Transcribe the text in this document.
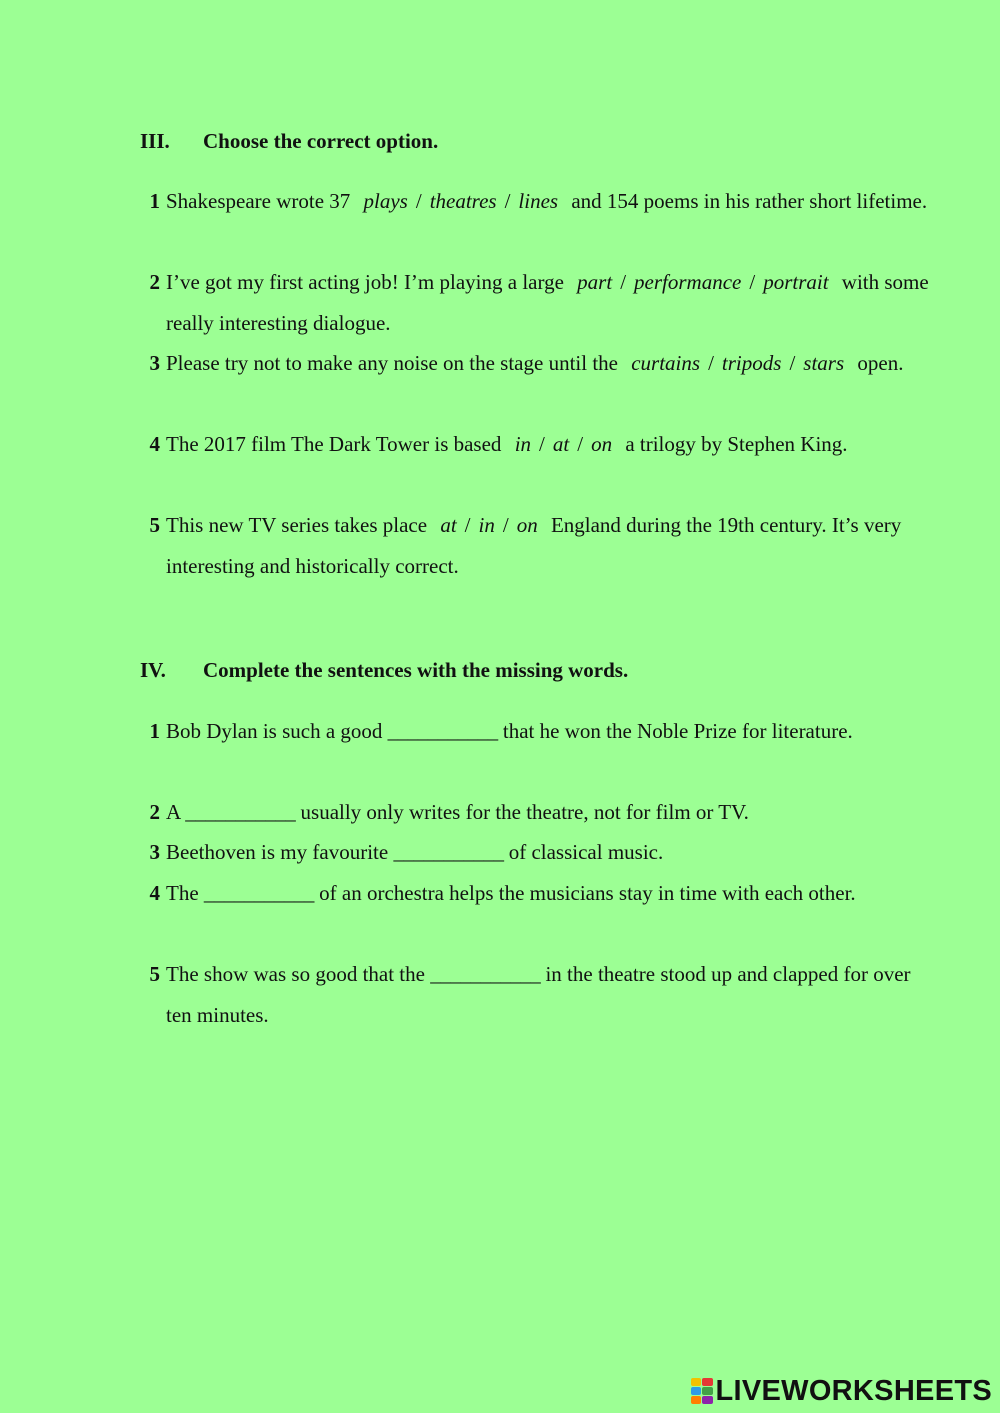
III. Choose the correct option.
1 Shakespeare wrote 37 plays / theatres / lines and 154 poems in his rather short lifetime.
2 I’ve got my first acting job! I’m playing a large part / performance / portrait with some really interesting dialogue.
3 Please try not to make any noise on the stage until the curtains / tripods / stars open.
4 The 2017 film The Dark Tower is based in / at / on a trilogy by Stephen King.
5 This new TV series takes place at / in / on England during the 19th century. It’s very interesting and historically correct.
IV. Complete the sentences with the missing words.
1 Bob Dylan is such a good ___________ that he won the Noble Prize for literature.
2 A ___________ usually only writes for the theatre, not for film or TV.
3 Beethoven is my favourite ___________ of classical music.
4 The ___________ of an orchestra helps the musicians stay in time with each other.
5 The show was so good that the ___________ in the theatre stood up and clapped for over ten minutes.
LIVEWORKSHEETS
